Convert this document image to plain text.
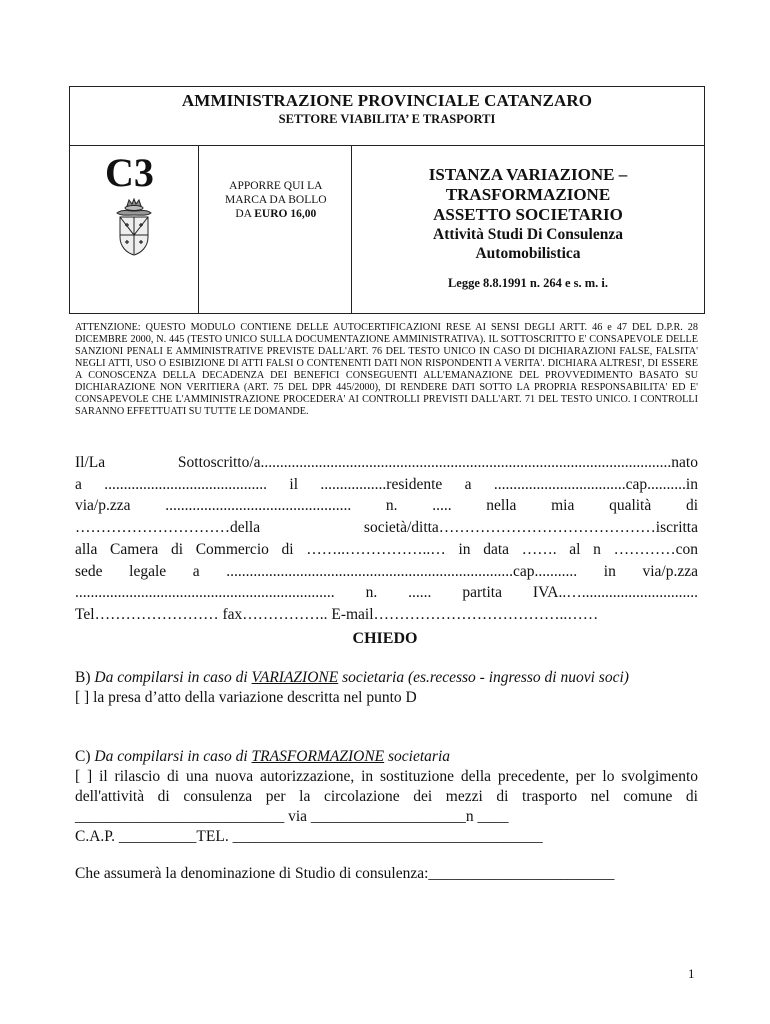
AMMINISTRAZIONE PROVINCIALE CATANZARO
SETTORE VIABILITA’ E TRASPORTI
C3	APPORRE QUI LA
MARCA DA BOLLO
DA EURO 16,00
ISTANZA VARIAZIONE –
TRASFORMAZIONE
ASSETTO SOCIETARIO
Attività Studi Di Consulenza
Automobilistica
Legge 8.8.1991 n. 264 e s. m. i.
ATTENZIONE: QUESTO MODULO CONTIENE DELLE AUTOCERTIFICAZIONI RESE AI SENSI DEGLI ARTT. 46 e 47 DEL D.P.R. 28 DICEMBRE 2000, N. 445 (TESTO UNICO SULLA DOCUMENTAZIONE AMMINISTRATIVA). IL SOTTOSCRITTO E' CONSAPEVOLE DELLE SANZIONI PENALI E AMMINISTRATIVE PREVISTE DALL'ART. 76 DEL TESTO UNICO IN CASO DI DICHIARAZIONI FALSE, FALSITA' NEGLI ATTI, USO O ESIBIZIONE DI ATTI FALSI O CONTENENTI DATI NON RISPONDENTI A VERITA'. DICHIARA ALTRESI', DI ESSERE A CONOSCENZA DELLA DECADENZA DEI BENEFICI CONSEGUENTI ALL'EMANAZIONE DEL PROVVEDIMENTO BASATO SU DICHIARAZIONE NON VERITIERA (ART. 75 DEL DPR 445/2000), DI RENDERE DATI SOTTO LA PROPRIA RESPONSABILITA' ED E' CONSAPEVOLE CHE L'AMMINISTRAZIONE PROCEDERA' AI CONTROLLI PREVISTI DALL'ART. 71 DEL TESTO UNICO. I CONTROLLI SARANNO EFFETTUATI SU TUTTE LE DOMANDE.
Il/La Sottoscritto/a..........................................................................................................nato
a .......................................... il .................residente a ..................................cap..........in
via/p.zza ................................................ n. ..... nella mia qualità di
…………………………della società/ditta……………………………………iscritta
alla Camera di Commercio di ……..……………..… in data ……. al n …………con
sede legale a ..........................................................................cap........... in via/p.zza
................................................................... n. ...... partita IVA..…..............................
Tel…………………… fax…………….. E-mail………………………………..……
CHIEDO
B) Da compilarsi in caso di VARIAZIONE societaria (es.recesso - ingresso di nuovi soci)
[ ] la presa d’atto della variazione descritta nel punto D
C) Da compilarsi in caso di TRASFORMAZIONE societaria
[ ] il rilascio di una nuova autorizzazione, in sostituzione della precedente, per lo svolgimento dell'attività di consulenza per la circolazione dei mezzi di trasporto nel comune di ___________________________ via ____________________n ____
C.A.P. __________TEL. ________________________________________
Che assumerà la denominazione di Studio di consulenza:________________________
1
